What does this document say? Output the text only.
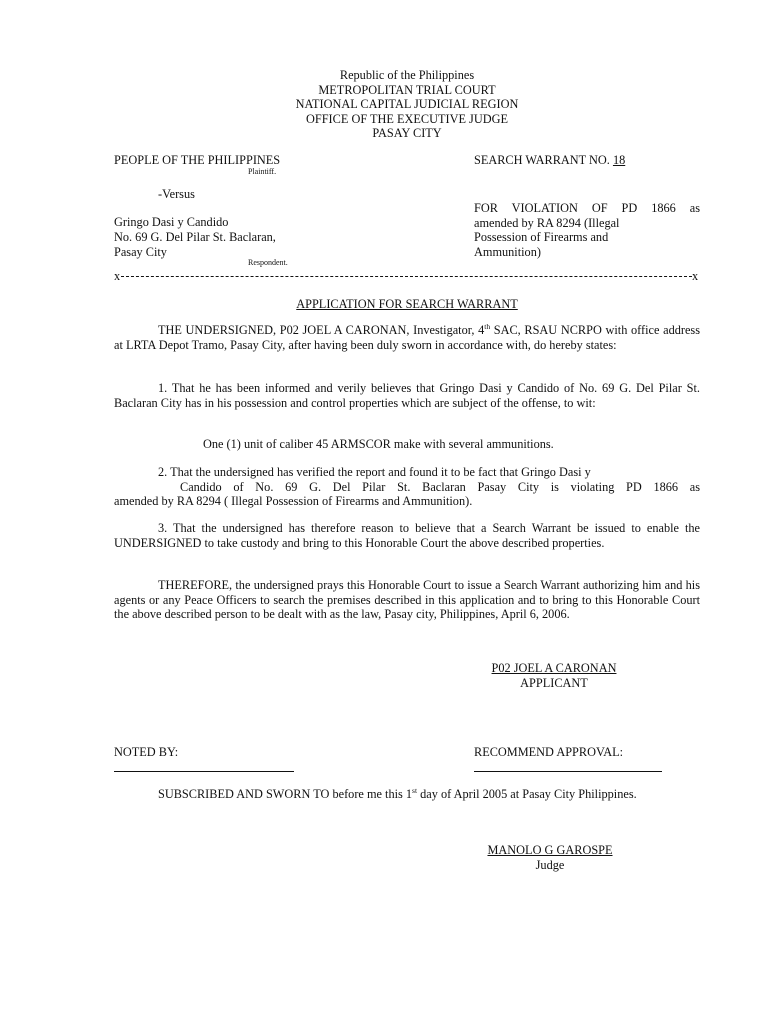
Republic of the Philippines
METROPOLITAN TRIAL COURT
NATIONAL CAPITAL JUDICIAL REGION
OFFICE OF THE EXECUTIVE JUDGE
PASAY CITY
PEOPLE OF THE PHILIPPINES
Plaintiff.
-Versus
Gringo Dasi y Candido
No. 69 G. Del Pilar St. Baclaran,
Pasay City
Respondent.
SEARCH WARRANT NO. 18
FOR VIOLATION OF PD 1866 as
amended by RA 8294 (Illegal
Possession of Firearms and
Ammunition)
x	x
APPLICATION FOR SEARCH WARRANT
THE UNDERSIGNED, P02 JOEL A CARONAN, Investigator, 4th SAC, RSAU NCRPO with office address at LRTA Depot Tramo, Pasay City, after having been duly sworn in accordance with, do hereby states:
1. That he has been informed and verily believes that Gringo Dasi y Candido of No. 69 G. Del Pilar St. Baclaran City has in his possession and control properties which are subject of the offense, to wit:
One (1) unit of caliber 45 ARMSCOR make with several ammunitions.
2. That the undersigned has verified the report and found it to be fact that Gringo Dasi y
Candido of No. 69 G. Del Pilar St. Baclaran Pasay City is violating PD 1866 as
amended by RA 8294 ( Illegal Possession of Firearms and Ammunition).
3. That the undersigned has therefore reason to believe that a Search Warrant be issued to enable the UNDERSIGNED to take custody and bring to this Honorable Court the above described properties.
THEREFORE, the undersigned prays this Honorable Court to issue a Search Warrant authorizing him and his agents or any Peace Officers to search the premises described in this application and to bring to this Honorable Court the above described person to be dealt with as the law, Pasay city, Philippines, April 6, 2006.
P02 JOEL A CARONAN
APPLICANT
NOTED BY:	RECOMMEND APPROVAL:
SUBSCRIBED AND SWORN TO before me this 1st day of April 2005 at Pasay City Philippines.
MANOLO G GAROSPE
Judge
